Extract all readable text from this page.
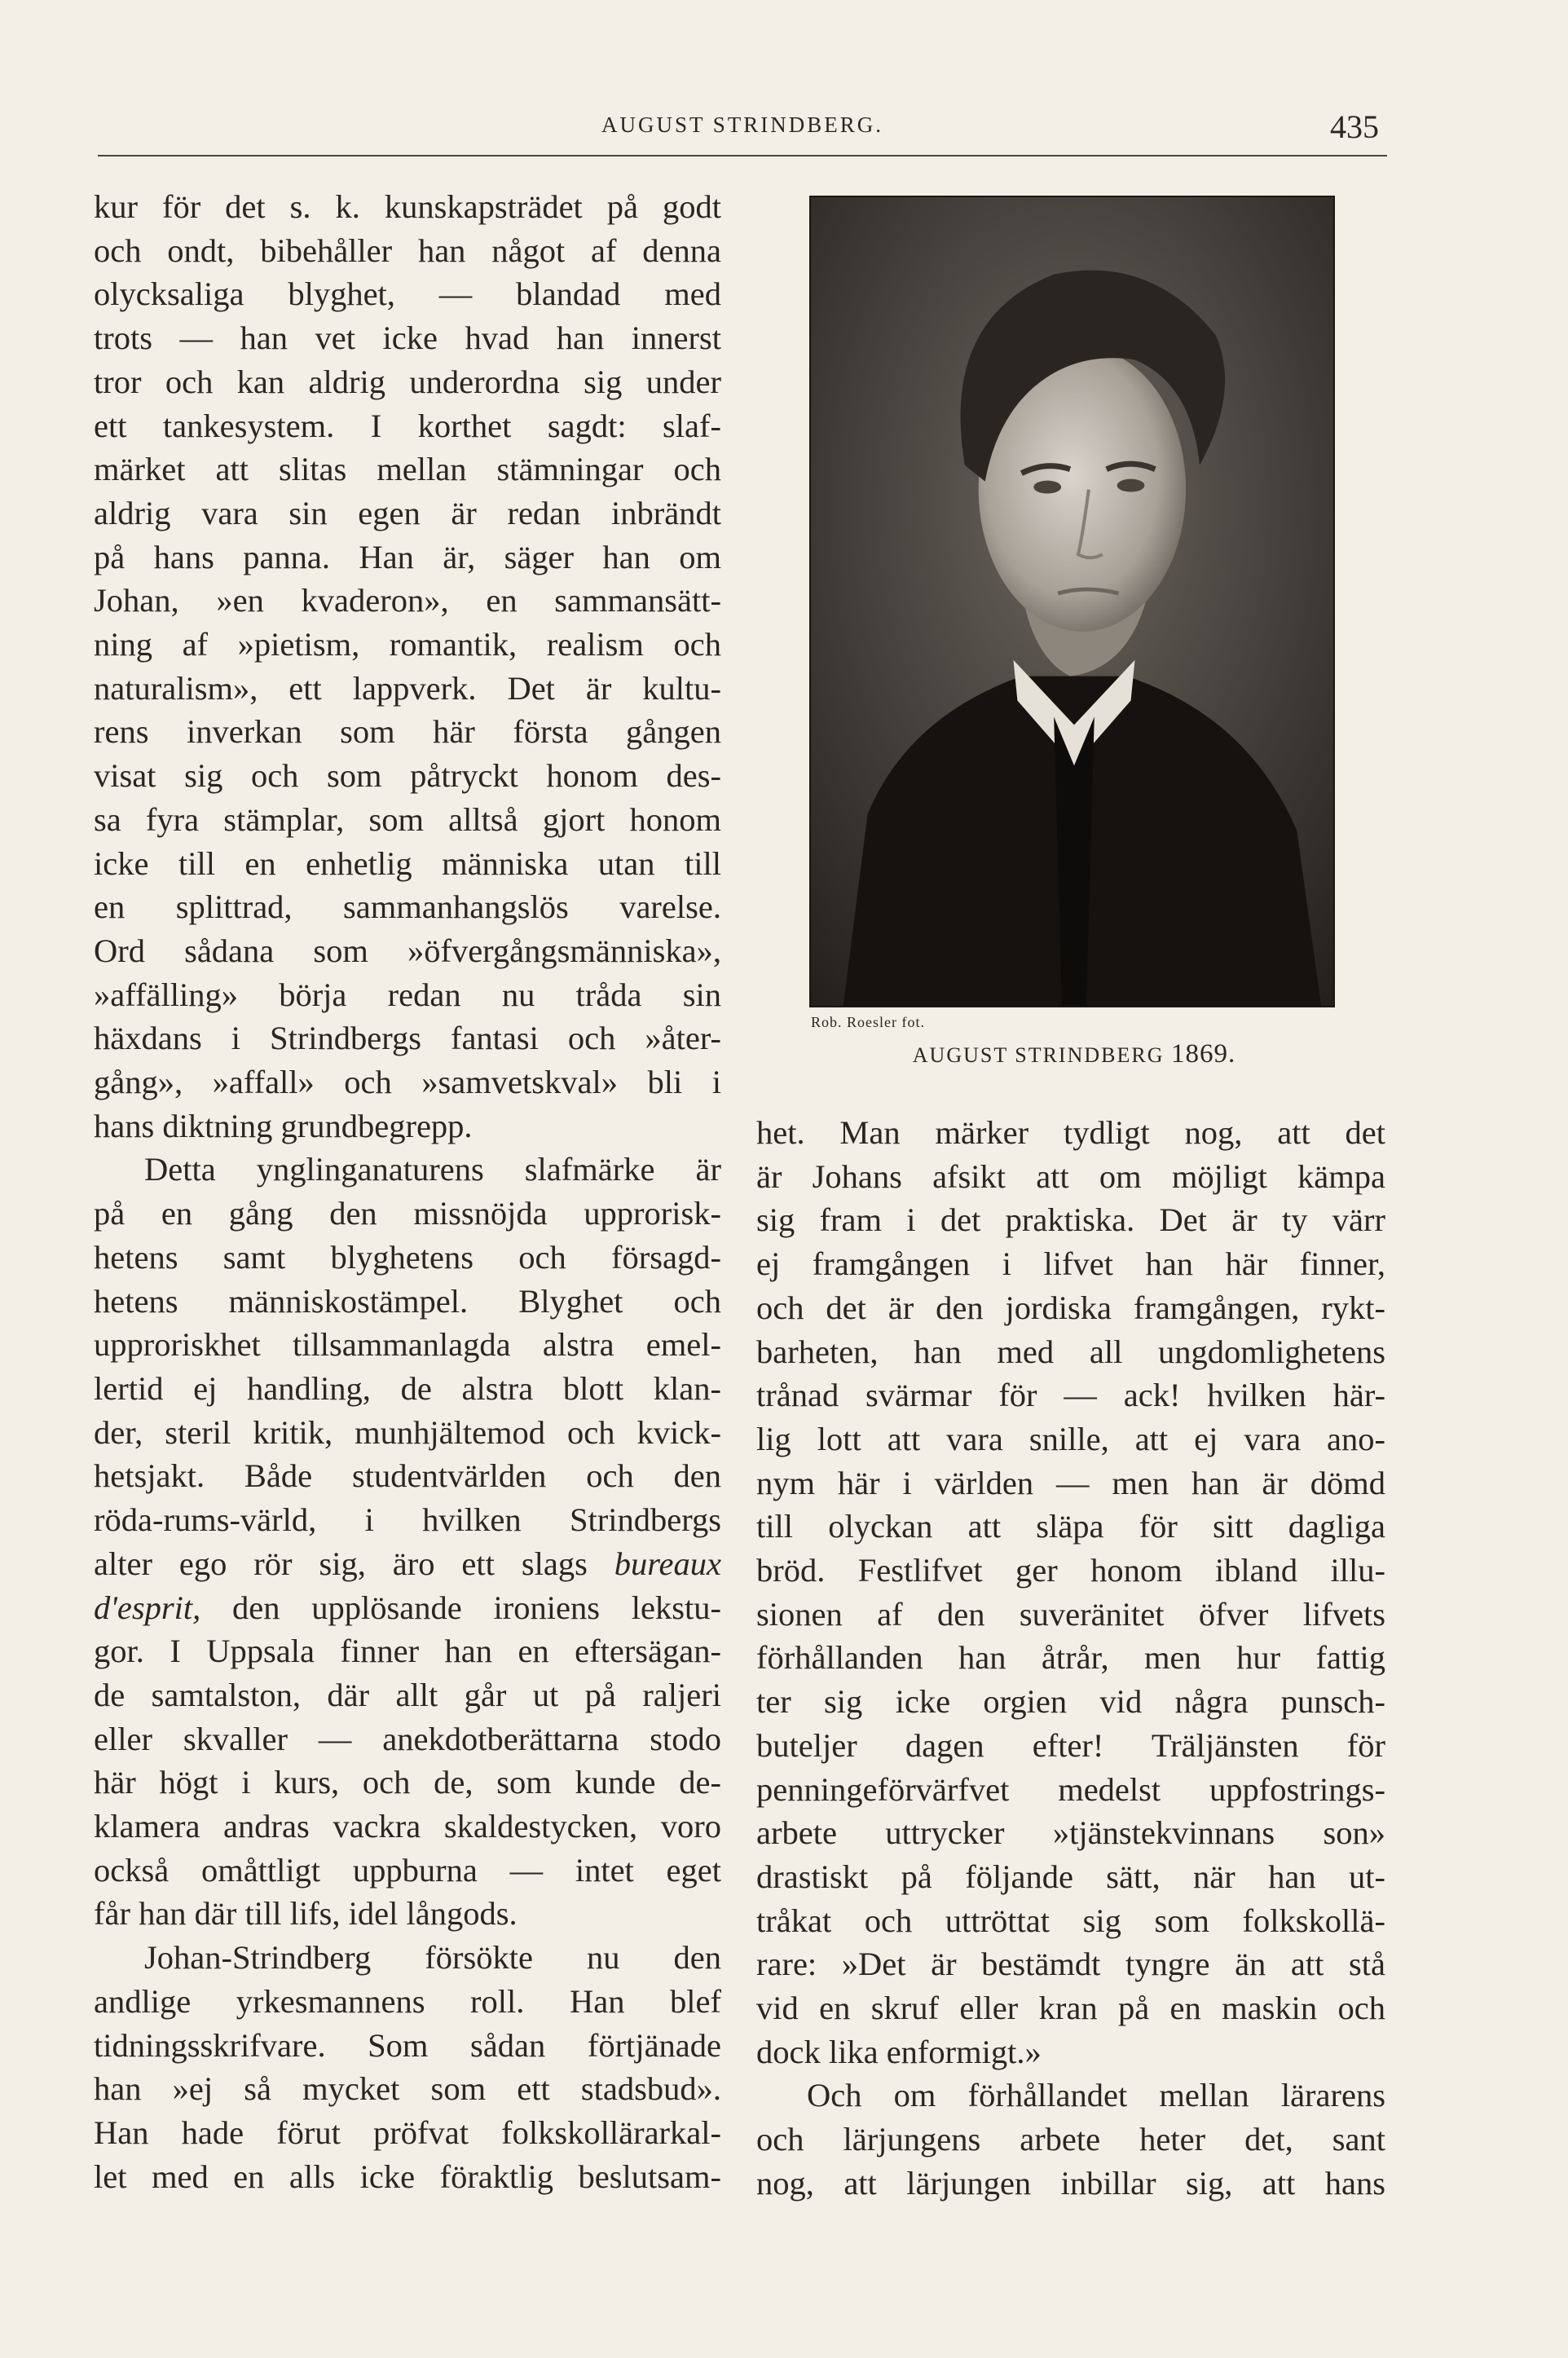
AUGUST STRINDBERG.	435
kur för det s. k. kunskapsträdet på godt
och ondt, bibehåller han något af denna
olycksaliga blyghet, — blandad med
trots — han vet icke hvad han innerst
tror och kan aldrig underordna sig under
ett tankesystem. I korthet sagdt: slaf-
märket att slitas mellan stämningar och
aldrig vara sin egen är redan inbrändt
på hans panna. Han är, säger han om
Johan, »en kvaderon», en sammansätt-
ning af »pietism, romantik, realism och
naturalism», ett lappverk. Det är kultu-
rens inverkan som här första gången
visat sig och som påtryckt honom des-
sa fyra stämplar, som alltså gjort honom
icke till en enhetlig människa utan till
en splittrad, sammanhangslös varelse.
Ord sådana som »öfvergångsmänniska»,
»affälling» börja redan nu tråda sin
häxdans i Strindbergs fantasi och »åter-
gång», »affall» och »samvetskval» bli i
hans diktning grundbegrepp.
Detta ynglinganaturens slafmärke är
på en gång den missnöjda upprorisk-
hetens samt blyghetens och försagd-
hetens människostämpel. Blyghet och
upproriskhet tillsammanlagda alstra emel-
lertid ej handling, de alstra blott klan-
der, steril kritik, munhjältemod och kvick-
hetsjakt. Både studentvärlden och den
röda-rums-värld, i hvilken Strindbergs
alter ego rör sig, äro ett slags bureaux
d'esprit, den upplösande ironiens lekstu-
gor. I Uppsala finner han en eftersägan-
de samtalston, där allt går ut på raljeri
eller skvaller — anekdotberättarna stodo
här högt i kurs, och de, som kunde de-
klamera andras vackra skaldestycken, voro
också omåttligt uppburna — intet eget
får han där till lifs, idel långods.
Johan-Strindberg försökte nu den
andlige yrkesmannens roll. Han blef
tidningsskrifvare. Som sådan förtjänade
han »ej så mycket som ett stadsbud».
Han hade förut pröfvat folkskollärarkal-
let med en alls icke föraktlig beslutsam-
Rob. Roesler fot.
AUGUST STRINDBERG 1869.
het. Man märker tydligt nog, att det
är Johans afsikt att om möjligt kämpa
sig fram i det praktiska. Det är ty värr
ej framgången i lifvet han här finner,
och det är den jordiska framgången, rykt-
barheten, han med all ungdomlighetens
trånad svärmar för — ack! hvilken här-
lig lott att vara snille, att ej vara ano-
nym här i världen — men han är dömd
till olyckan att släpa för sitt dagliga
bröd. Festlifvet ger honom ibland illu-
sionen af den suveränitet öfver lifvets
förhållanden han åtrår, men hur fattig
ter sig icke orgien vid några punsch-
buteljer dagen efter! Träljänsten för
penningeförvärfvet medelst uppfostrings-
arbete uttrycker »tjänstekvinnans son»
drastiskt på följande sätt, när han ut-
tråkat och uttröttat sig som folkskollä-
rare: »Det är bestämdt tyngre än att stå
vid en skruf eller kran på en maskin och
dock lika enformigt.»
Och om förhållandet mellan lärarens
och lärjungens arbete heter det, sant
nog, att lärjungen inbillar sig, att hans
